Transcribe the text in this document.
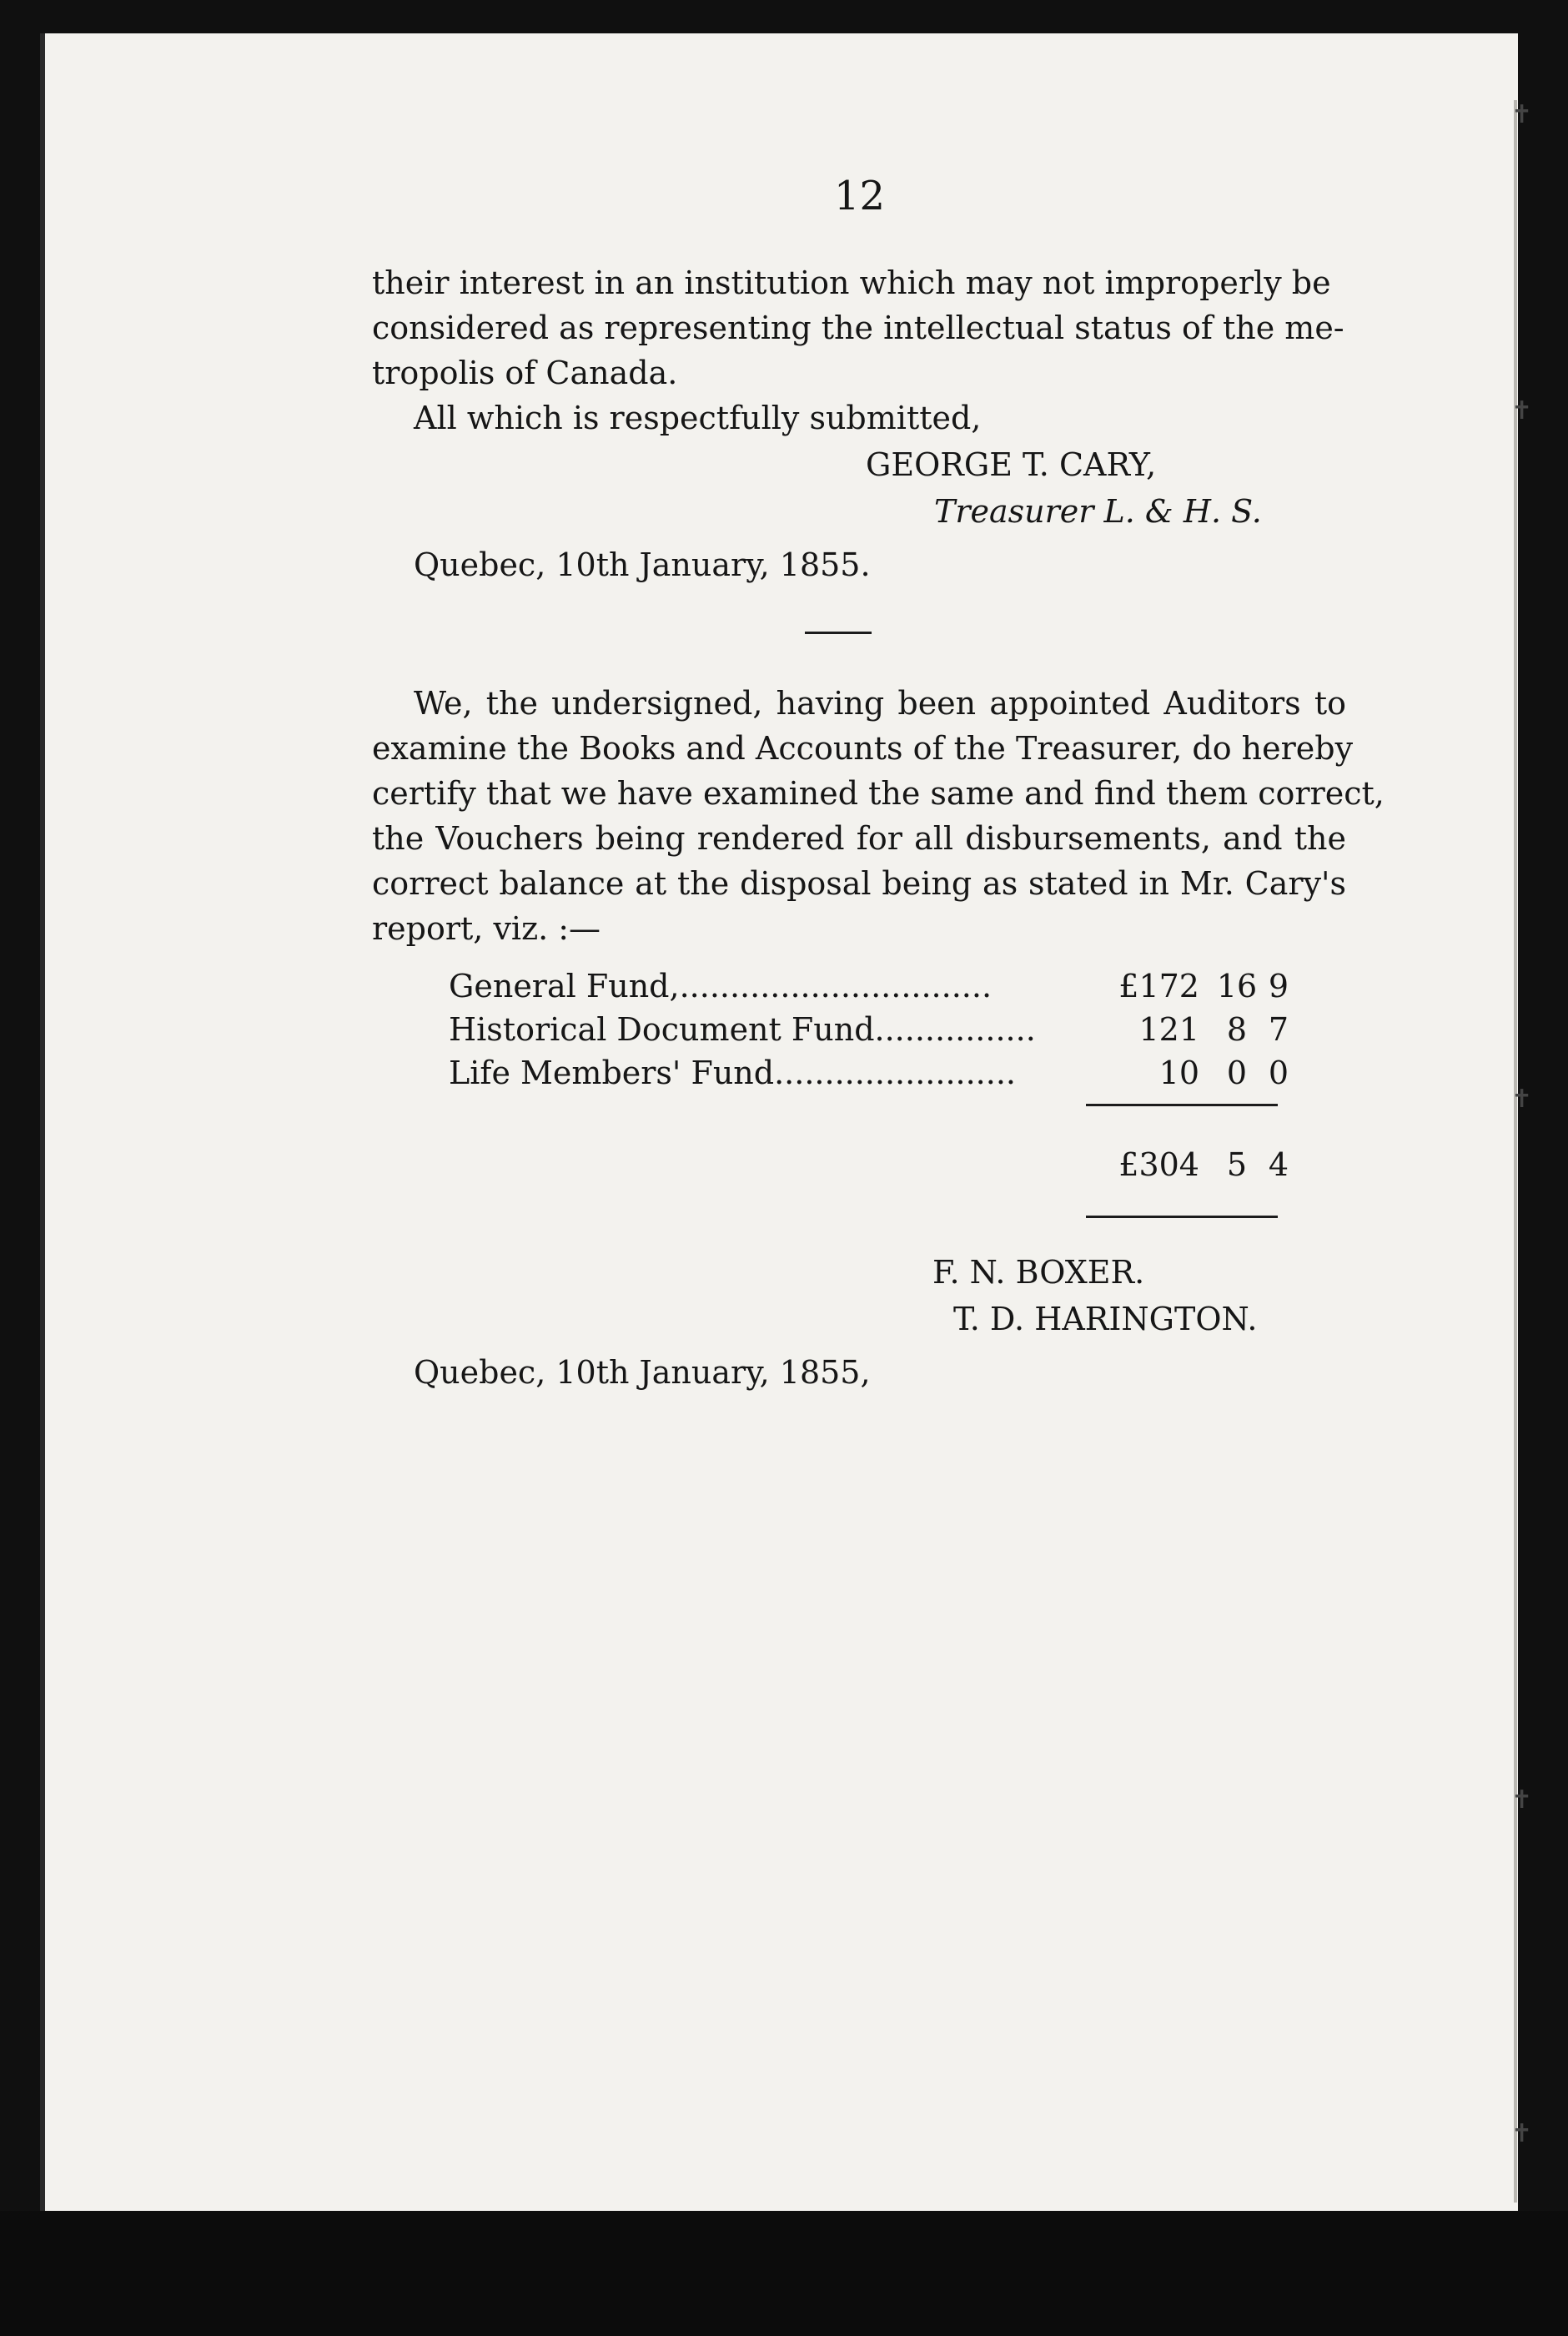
12
their interest in an institution which may not improperly be
considered as representing the intellectual status of the me-
tropolis of Canada.
All which is respectfully submitted,
GEORGE T. CARY,
Treasurer L. & H. S.
Quebec, 10th January, 1855.
We, the undersigned, having been appointed Auditors to
examine the Books and Accounts of the Treasurer, do hereby
certify that we have examined the same and find them correct,
the Vouchers being rendered for all disbursements, and the
correct balance at the disposal being as stated in Mr. Cary's
report, viz. :—
General Fund,...............................	£172 16 9
Historical Document Fund................	121 8 7
Life Members' Fund........................	10 0 0
£304 5 4
F. N. BOXER.
T. D. HARINGTON.
Quebec, 10th January, 1855,
✝
✝
✝
✝
✝
